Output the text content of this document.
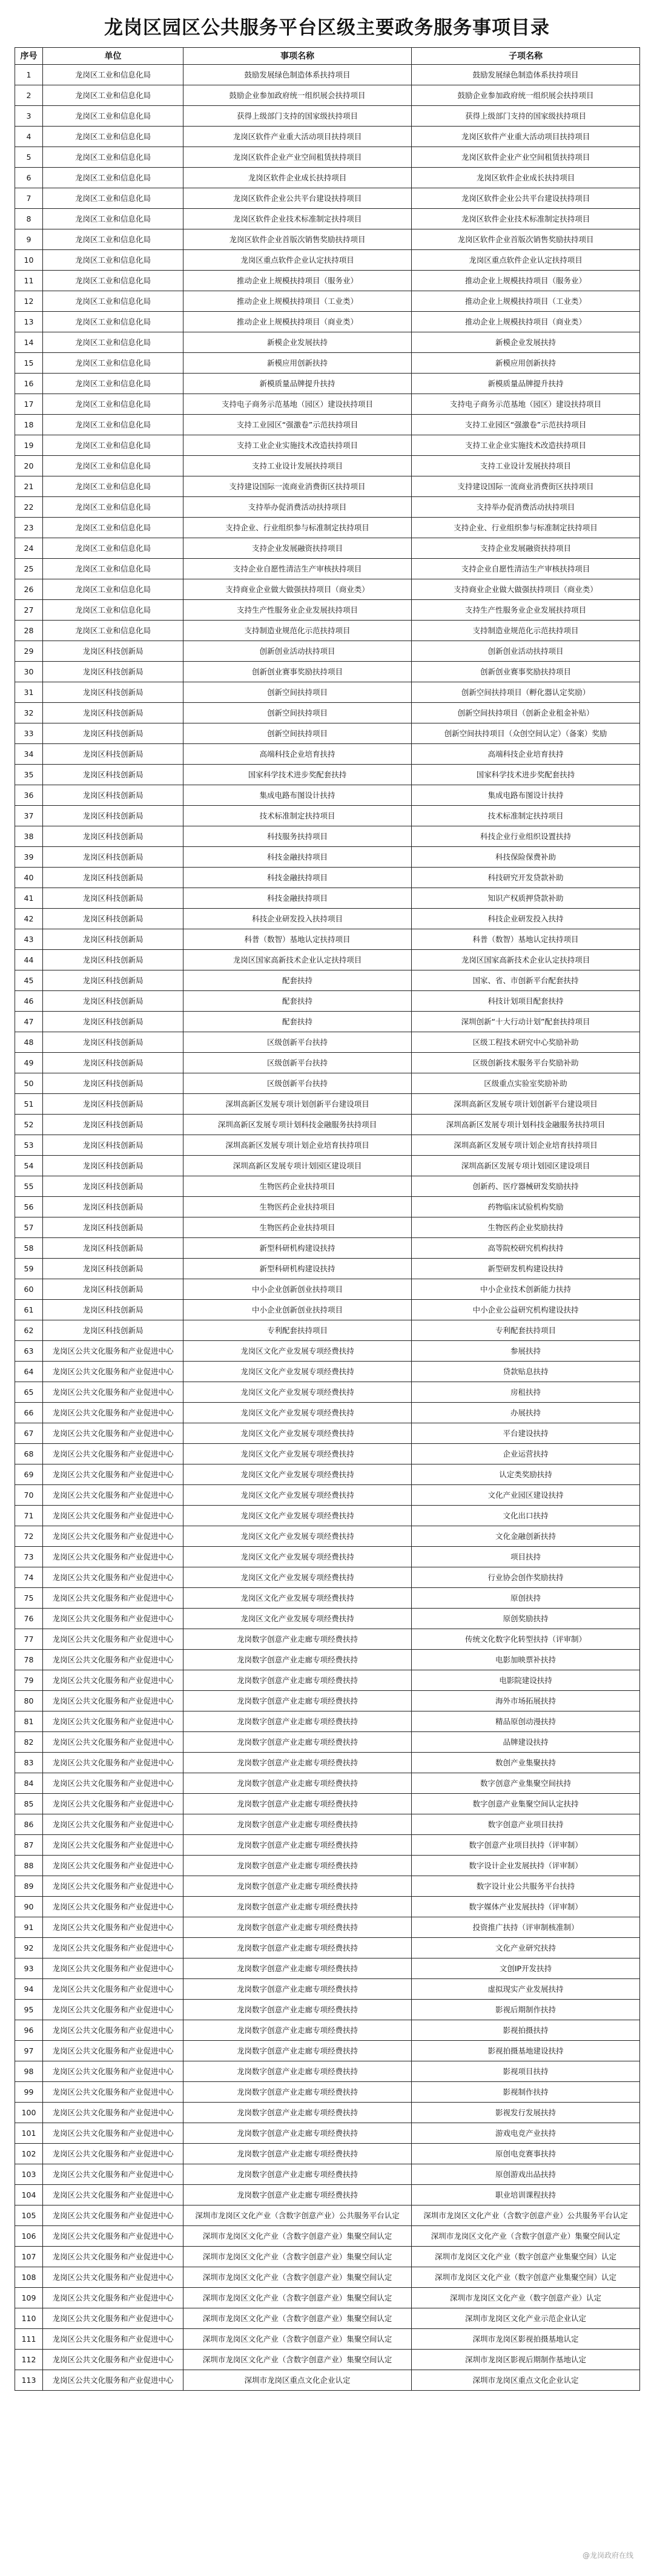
龙岗区园区公共服务平台区级主要政务服务事项目录
序号	单位	事项名称	子项名称
1	龙岗区工业和信息化局	鼓励发展绿色制造体系扶持项目	鼓励发展绿色制造体系扶持项目
2	龙岗区工业和信息化局	鼓励企业参加政府统一组织展会扶持项目	鼓励企业参加政府统一组织展会扶持项目
3	龙岗区工业和信息化局	获得上级部门支持的国家级扶持项目	获得上级部门支持的国家级扶持项目
4	龙岗区工业和信息化局	龙岗区软件产业重大活动项目扶持项目	龙岗区软件产业重大活动项目扶持项目
5	龙岗区工业和信息化局	龙岗区软件企业产业空间租赁扶持项目	龙岗区软件企业产业空间租赁扶持项目
6	龙岗区工业和信息化局	龙岗区软件企业成长扶持项目	龙岗区软件企业成长扶持项目
7	龙岗区工业和信息化局	龙岗区软件企业公共平台建设扶持项目	龙岗区软件企业公共平台建设扶持项目
8	龙岗区工业和信息化局	龙岗区软件企业技术标准制定扶持项目	龙岗区软件企业技术标准制定扶持项目
9	龙岗区工业和信息化局	龙岗区软件企业首版次销售奖励扶持项目	龙岗区软件企业首版次销售奖励扶持项目
10	龙岗区工业和信息化局	龙岗区重点软件企业认定扶持项目	龙岗区重点软件企业认定扶持项目
11	龙岗区工业和信息化局	推动企业上规模扶持项目（服务业）	推动企业上规模扶持项目（服务业）
12	龙岗区工业和信息化局	推动企业上规模扶持项目（工业类）	推动企业上规模扶持项目（工业类）
13	龙岗区工业和信息化局	推动企业上规模扶持项目（商业类）	推动企业上规模扶持项目（商业类）
14	龙岗区工业和信息化局	新模企业发展扶持	新模企业发展扶持
15	龙岗区工业和信息化局	新模应用创新扶持	新模应用创新扶持
16	龙岗区工业和信息化局	新模质量品牌提升扶持	新模质量品牌提升扶持
17	龙岗区工业和信息化局	支持电子商务示范基地（园区）建设扶持项目	支持电子商务示范基地（园区）建设扶持项目
18	龙岗区工业和信息化局	支持工业园区“强激卷”示范扶持项目	支持工业园区“强激卷”示范扶持项目
19	龙岗区工业和信息化局	支持工业企业实施技术改造扶持项目	支持工业企业实施技术改造扶持项目
20	龙岗区工业和信息化局	支持工业设计发展扶持项目	支持工业设计发展扶持项目
21	龙岗区工业和信息化局	支持建设国际一流商业消费街区扶持项目	支持建设国际一流商业消费街区扶持项目
22	龙岗区工业和信息化局	支持举办促消费活动扶持项目	支持举办促消费活动扶持项目
23	龙岗区工业和信息化局	支持企业、行业组织参与标准制定扶持项目	支持企业、行业组织参与标准制定扶持项目
24	龙岗区工业和信息化局	支持企业发展融资扶持项目	支持企业发展融资扶持项目
25	龙岗区工业和信息化局	支持企业自愿性清洁生产审核扶持项目	支持企业自愿性清洁生产审核扶持项目
26	龙岗区工业和信息化局	支持商业企业做大做强扶持项目（商业类）	支持商业企业做大做强扶持项目（商业类）
27	龙岗区工业和信息化局	支持生产性服务业企业发展扶持项目	支持生产性服务业企业发展扶持项目
28	龙岗区工业和信息化局	支持制造业规范化示范扶持项目	支持制造业规范化示范扶持项目
29	龙岗区科技创新局	创新创业活动扶持项目	创新创业活动扶持项目
30	龙岗区科技创新局	创新创业赛事奖励扶持项目	创新创业赛事奖励扶持项目
31	龙岗区科技创新局	创新空间扶持项目	创新空间扶持项目（孵化器认定奖励）
32	龙岗区科技创新局	创新空间扶持项目	创新空间扶持项目（创新企业租金补贴）
33	龙岗区科技创新局	创新空间扶持项目	创新空间扶持项目（众创空间认定）（备案）奖励
34	龙岗区科技创新局	高端科技企业培育扶持	高端科技企业培育扶持
35	龙岗区科技创新局	国家科学技术进步奖配套扶持	国家科学技术进步奖配套扶持
36	龙岗区科技创新局	集成电路布图设计扶持	集成电路布图设计扶持
37	龙岗区科技创新局	技术标准制定扶持项目	技术标准制定扶持项目
38	龙岗区科技创新局	科技服务扶持项目	科技企业行业组织设置扶持
39	龙岗区科技创新局	科技金融扶持项目	科技保险保费补助
40	龙岗区科技创新局	科技金融扶持项目	科技研究开发贷款补助
41	龙岗区科技创新局	科技金融扶持项目	知识产权质押贷款补助
42	龙岗区科技创新局	科技企业研发投入扶持项目	科技企业研发投入扶持
43	龙岗区科技创新局	科普（数智）基地认定扶持项目	科普（数智）基地认定扶持项目
44	龙岗区科技创新局	龙岗区国家高新技术企业认定扶持项目	龙岗区国家高新技术企业认定扶持项目
45	龙岗区科技创新局	配套扶持	国家、省、市创新平台配套扶持
46	龙岗区科技创新局	配套扶持	科技计划项目配套扶持
47	龙岗区科技创新局	配套扶持	深圳创新“十大行动计划”配套扶持项目
48	龙岗区科技创新局	区级创新平台扶持	区级工程技术研究中心奖励补助
49	龙岗区科技创新局	区级创新平台扶持	区级创新技术服务平台奖励补助
50	龙岗区科技创新局	区级创新平台扶持	区级重点实验室奖励补助
51	龙岗区科技创新局	深圳高新区发展专项计划创新平台建设项目	深圳高新区发展专项计划创新平台建设项目
52	龙岗区科技创新局	深圳高新区发展专项计划科技金融服务扶持项目	深圳高新区发展专项计划科技金融服务扶持项目
53	龙岗区科技创新局	深圳高新区发展专项计划企业培育扶持项目	深圳高新区发展专项计划企业培育扶持项目
54	龙岗区科技创新局	深圳高新区发展专项计划园区建设项目	深圳高新区发展专项计划园区建设项目
55	龙岗区科技创新局	生物医药企业扶持项目	创新药、医疗器械研发奖励扶持
56	龙岗区科技创新局	生物医药企业扶持项目	药物临床试验机构奖励
57	龙岗区科技创新局	生物医药企业扶持项目	生物医药企业奖励扶持
58	龙岗区科技创新局	新型科研机构建设扶持	高等院校研究机构扶持
59	龙岗区科技创新局	新型科研机构建设扶持	新型研发机构建设扶持
60	龙岗区科技创新局	中小企业创新创业扶持项目	中小企业技术创新能力扶持
61	龙岗区科技创新局	中小企业创新创业扶持项目	中小企业公益研究机构建设扶持
62	龙岗区科技创新局	专利配套扶持项目	专利配套扶持项目
63	龙岗区公共文化服务和产业促进中心	龙岗区文化产业发展专项经费扶持	参展扶持
64	龙岗区公共文化服务和产业促进中心	龙岗区文化产业发展专项经费扶持	贷款贴息扶持
65	龙岗区公共文化服务和产业促进中心	龙岗区文化产业发展专项经费扶持	房租扶持
66	龙岗区公共文化服务和产业促进中心	龙岗区文化产业发展专项经费扶持	办展扶持
67	龙岗区公共文化服务和产业促进中心	龙岗区文化产业发展专项经费扶持	平台建设扶持
68	龙岗区公共文化服务和产业促进中心	龙岗区文化产业发展专项经费扶持	企业运营扶持
69	龙岗区公共文化服务和产业促进中心	龙岗区文化产业发展专项经费扶持	认定类奖励扶持
70	龙岗区公共文化服务和产业促进中心	龙岗区文化产业发展专项经费扶持	文化产业园区建设扶持
71	龙岗区公共文化服务和产业促进中心	龙岗区文化产业发展专项经费扶持	文化出口扶持
72	龙岗区公共文化服务和产业促进中心	龙岗区文化产业发展专项经费扶持	文化金融创新扶持
73	龙岗区公共文化服务和产业促进中心	龙岗区文化产业发展专项经费扶持	项目扶持
74	龙岗区公共文化服务和产业促进中心	龙岗区文化产业发展专项经费扶持	行业协会创作奖励扶持
75	龙岗区公共文化服务和产业促进中心	龙岗区文化产业发展专项经费扶持	原创扶持
76	龙岗区公共文化服务和产业促进中心	龙岗区文化产业发展专项经费扶持	原创奖励扶持
77	龙岗区公共文化服务和产业促进中心	龙岗数字创意产业走廊专项经费扶持	传统文化数字化转型扶持（评审制）
78	龙岗区公共文化服务和产业促进中心	龙岗数字创意产业走廊专项经费扶持	电影加映票补扶持
79	龙岗区公共文化服务和产业促进中心	龙岗数字创意产业走廊专项经费扶持	电影院建设扶持
80	龙岗区公共文化服务和产业促进中心	龙岗数字创意产业走廊专项经费扶持	海外市场拓展扶持
81	龙岗区公共文化服务和产业促进中心	龙岗数字创意产业走廊专项经费扶持	精品原创动漫扶持
82	龙岗区公共文化服务和产业促进中心	龙岗数字创意产业走廊专项经费扶持	品牌建设扶持
83	龙岗区公共文化服务和产业促进中心	龙岗数字创意产业走廊专项经费扶持	数创产业集聚扶持
84	龙岗区公共文化服务和产业促进中心	龙岗数字创意产业走廊专项经费扶持	数字创意产业集聚空间扶持
85	龙岗区公共文化服务和产业促进中心	龙岗数字创意产业走廊专项经费扶持	数字创意产业集聚空间认定扶持
86	龙岗区公共文化服务和产业促进中心	龙岗数字创意产业走廊专项经费扶持	数字创意产业项目扶持
87	龙岗区公共文化服务和产业促进中心	龙岗数字创意产业走廊专项经费扶持	数字创意产业项目扶持（评审制）
88	龙岗区公共文化服务和产业促进中心	龙岗数字创意产业走廊专项经费扶持	数字设计企业发展扶持（评审制）
89	龙岗区公共文化服务和产业促进中心	龙岗数字创意产业走廊专项经费扶持	数字设计业公共服务平台扶持
90	龙岗区公共文化服务和产业促进中心	龙岗数字创意产业走廊专项经费扶持	数字媒体产业发展扶持（评审制）
91	龙岗区公共文化服务和产业促进中心	龙岗数字创意产业走廊专项经费扶持	投资推广扶持（评审制核准制）
92	龙岗区公共文化服务和产业促进中心	龙岗数字创意产业走廊专项经费扶持	文化产业研究扶持
93	龙岗区公共文化服务和产业促进中心	龙岗数字创意产业走廊专项经费扶持	文创IP开发扶持
94	龙岗区公共文化服务和产业促进中心	龙岗数字创意产业走廊专项经费扶持	虚拟现实产业发展扶持
95	龙岗区公共文化服务和产业促进中心	龙岗数字创意产业走廊专项经费扶持	影视后期制作扶持
96	龙岗区公共文化服务和产业促进中心	龙岗数字创意产业走廊专项经费扶持	影视拍摄扶持
97	龙岗区公共文化服务和产业促进中心	龙岗数字创意产业走廊专项经费扶持	影视拍摄基地建设扶持
98	龙岗区公共文化服务和产业促进中心	龙岗数字创意产业走廊专项经费扶持	影视项目扶持
99	龙岗区公共文化服务和产业促进中心	龙岗数字创意产业走廊专项经费扶持	影视制作扶持
100	龙岗区公共文化服务和产业促进中心	龙岗数字创意产业走廊专项经费扶持	影视发行发展扶持
101	龙岗区公共文化服务和产业促进中心	龙岗数字创意产业走廊专项经费扶持	游戏电竞产业扶持
102	龙岗区公共文化服务和产业促进中心	龙岗数字创意产业走廊专项经费扶持	原创电竞赛事扶持
103	龙岗区公共文化服务和产业促进中心	龙岗数字创意产业走廊专项经费扶持	原创游戏出品扶持
104	龙岗区公共文化服务和产业促进中心	龙岗数字创意产业走廊专项经费扶持	职业培训课程扶持
105	龙岗区公共文化服务和产业促进中心	深圳市龙岗区文化产业（含数字创意产业）公共服务平台认定	深圳市龙岗区文化产业（含数字创意产业）公共服务平台认定
106	龙岗区公共文化服务和产业促进中心	深圳市龙岗区文化产业（含数字创意产业）集聚空间认定	深圳市龙岗区文化产业（含数字创意产业）集聚空间认定
107	龙岗区公共文化服务和产业促进中心	深圳市龙岗区文化产业（含数字创意产业）集聚空间认定	深圳市龙岗区文化产业（数字创意产业集聚空间）认定
108	龙岗区公共文化服务和产业促进中心	深圳市龙岗区文化产业（含数字创意产业）集聚空间认定	深圳市龙岗区文化产业（数字创意产业集聚空间）认定
109	龙岗区公共文化服务和产业促进中心	深圳市龙岗区文化产业（含数字创意产业）集聚空间认定	深圳市龙岗区文化产业（数字创意产业）认定
110	龙岗区公共文化服务和产业促进中心	深圳市龙岗区文化产业（含数字创意产业）集聚空间认定	深圳市龙岗区文化产业示范企业认定
111	龙岗区公共文化服务和产业促进中心	深圳市龙岗区文化产业（含数字创意产业）集聚空间认定	深圳市龙岗区影视拍摄基地认定
112	龙岗区公共文化服务和产业促进中心	深圳市龙岗区文化产业（含数字创意产业）集聚空间认定	深圳市龙岗区影视后期制作基地认定
113	龙岗区公共文化服务和产业促进中心	深圳市龙岗区重点文化企业认定	深圳市龙岗区重点文化企业认定
@龙岗政府在线
